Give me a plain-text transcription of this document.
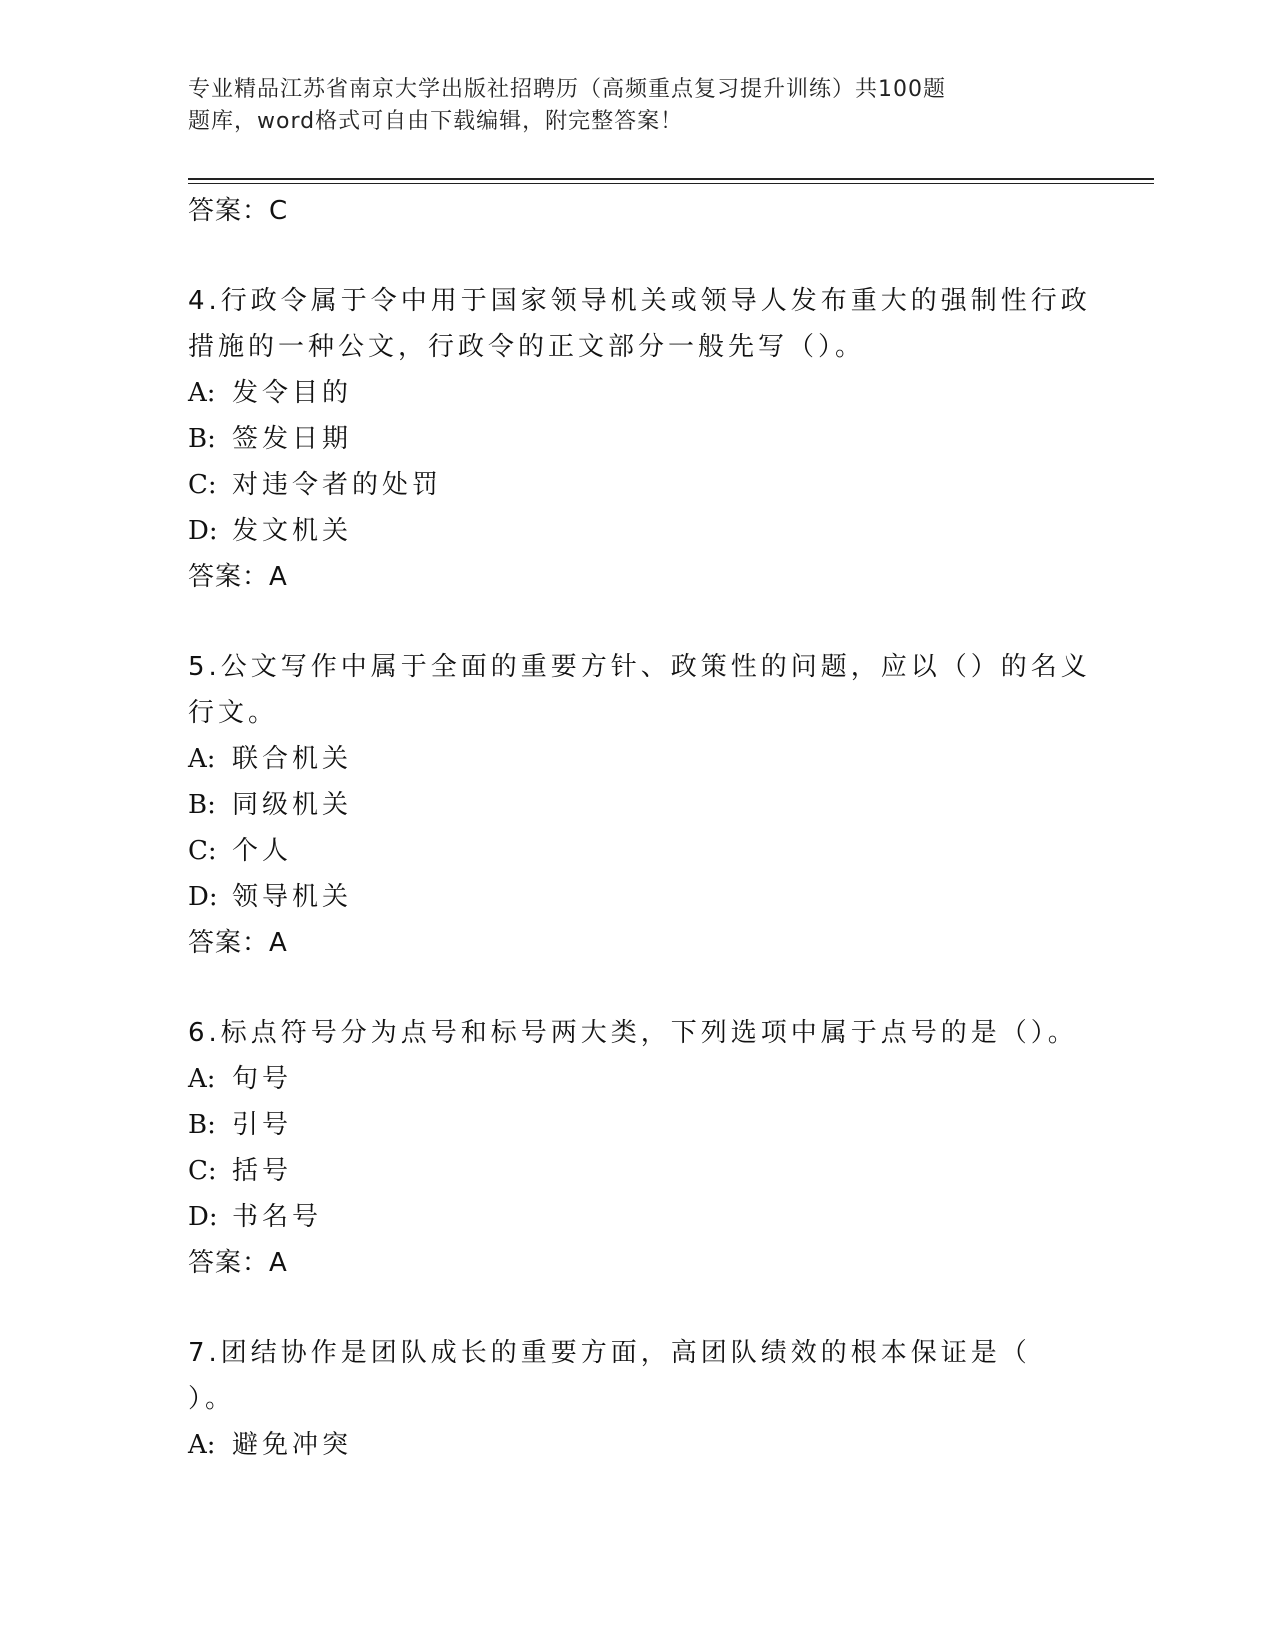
专业精品江苏省南京大学出版社招聘历（高频重点复习提升训练）共100题
题库，word格式可自由下载编辑，附完整答案！
答案：C
4.行政令属于令中用于国家领导机关或领导人发布重大的强制性行政
措施的一种公文，行政令的正文部分一般先写（）。
A: 发令目的
B: 签发日期
C: 对违令者的处罚
D: 发文机关
答案：A
5.公文写作中属于全面的重要方针、政策性的问题，应以（）的名义
行文。
A: 联合机关
B: 同级机关
C: 个人
D: 领导机关
答案：A
6.标点符号分为点号和标号两大类，下列选项中属于点号的是（）。
A: 句号
B: 引号
C: 括号
D: 书名号
答案：A
7.团结协作是团队成长的重要方面，高团队绩效的根本保证是（
）。
A: 避免冲突
